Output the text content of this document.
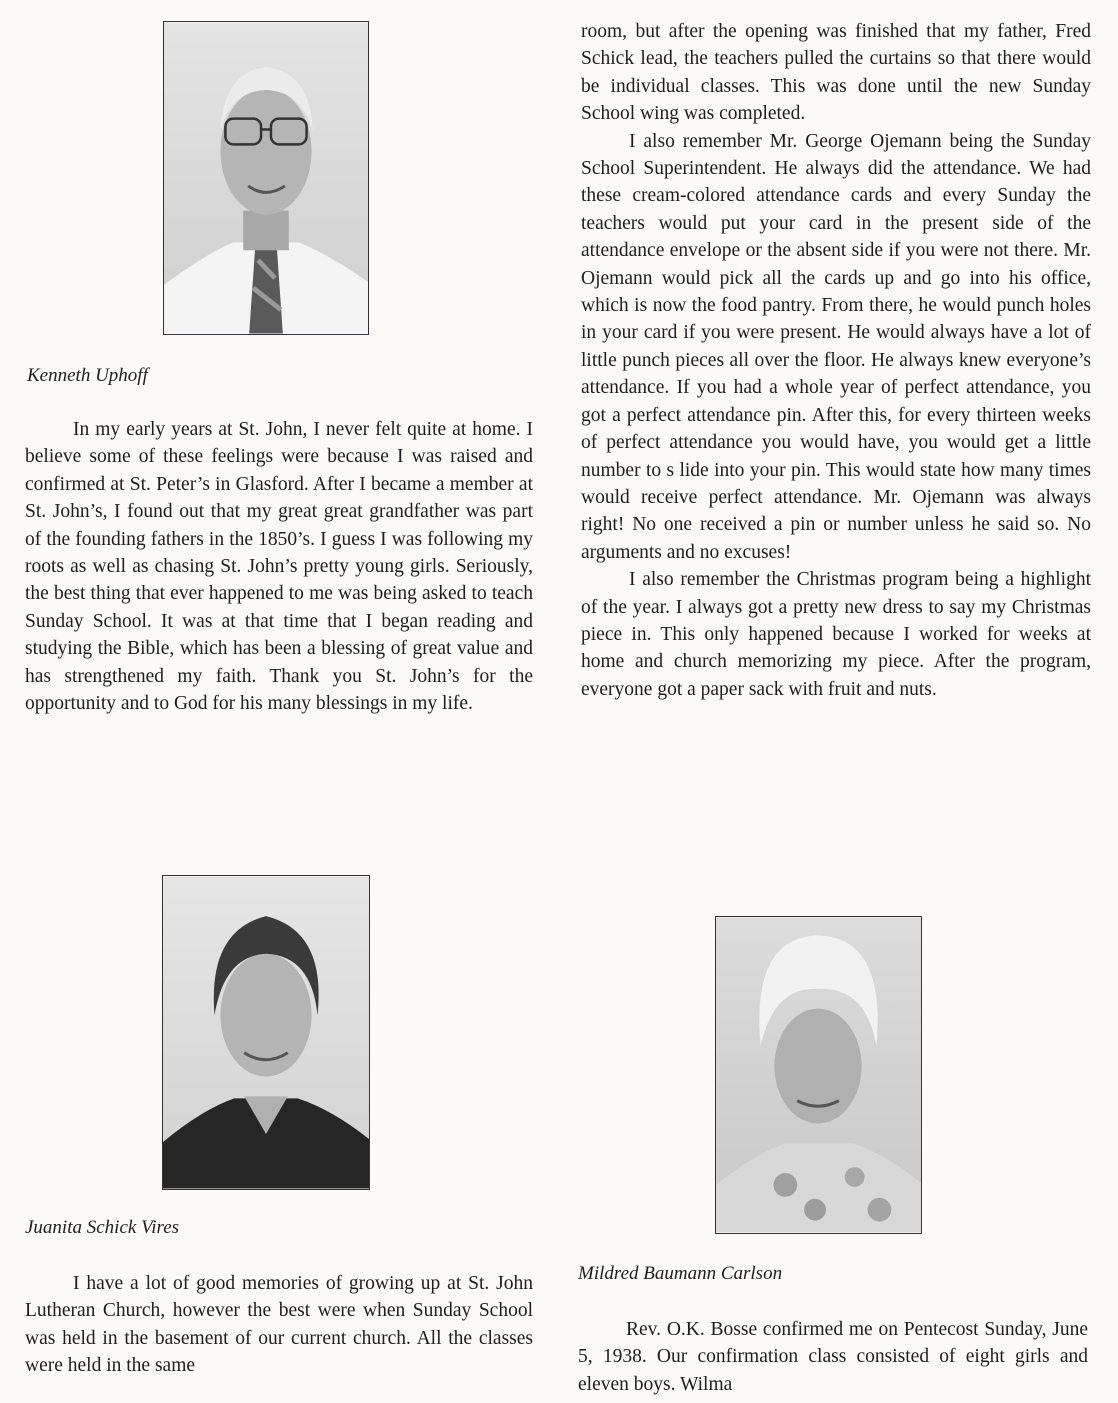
Kenneth Uphoff

In my early years at St. John, I never felt quite at home. I believe some of these feelings were because I was raised and confirmed at St. Peter’s in Glasford. After I became a member at St. John’s, I found out that my great great grandfather was part of the founding fathers in the 1850’s. I guess I was following my roots as well as chasing St. John’s pretty young girls. Seriously, the best thing that ever happened to me was being asked to teach Sunday School. It was at that time that I began reading and studying the Bible, which has been a blessing of great value and has strengthened my faith. Thank you St. John’s for the opportunity and to God for his many blessings in my life.

Juanita Schick Vires

I have a lot of good memories of growing up at St. John Lutheran Church, however the best were when Sunday School was held in the basement of our current church. All the classes were held in the same

room, but after the opening was finished that my father, Fred Schick lead, the teachers pulled the curtains so that there would be individual classes. This was done until the new Sunday School wing was completed.

I also remember Mr. George Ojemann being the Sunday School Superintendent. He always did the attendance. We had these cream-colored attendance cards and every Sunday the teachers would put your card in the present side of the attendance envelope or the absent side if you were not there. Mr. Ojemann would pick all the cards up and go into his office, which is now the food pantry. From there, he would punch holes in your card if you were present. He would always have a lot of little punch pieces all over the floor. He always knew everyone’s attendance. If you had a whole year of perfect attendance, you got a perfect attendance pin. After this, for every thirteen weeks of perfect attendance you would have, you would get a little number to s lide into your pin. This would state how many times would receive perfect attendance. Mr. Ojemann was always right! No one received a pin or number unless he said so. No arguments and no excuses!

I also remember the Christmas program being a highlight of the year. I always got a pretty new dress to say my Christmas piece in. This only happened because I worked for weeks at home and church memorizing my piece. After the program, everyone got a paper sack with fruit and nuts.

Mildred Baumann Carlson

Rev. O.K. Bosse confirmed me on Pentecost Sunday, June 5, 1938. Our confirmation class consisted of eight girls and eleven boys. Wilma
